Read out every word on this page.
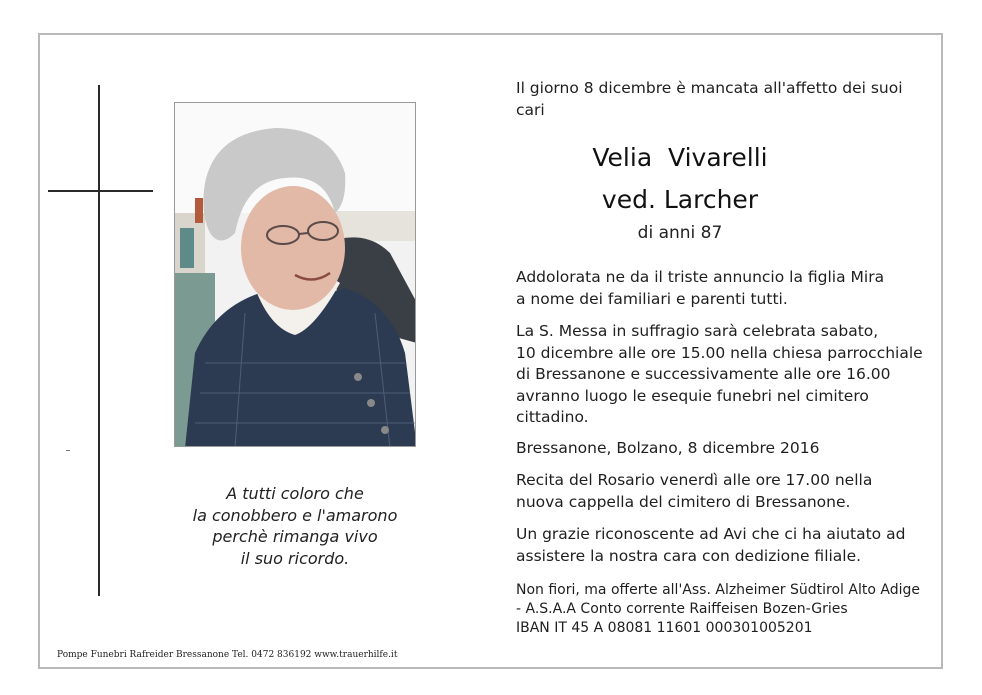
A tutti coloro che
la conobbero e l'amarono
perchè rimanga vivo
il suo ricordo.
Il giorno 8 dicembre è mancata all'affetto dei suoi
cari
Velia  Vivarelli
ved. Larcher
di anni 87
Addolorata ne da il triste annuncio la figlia Mira
a nome dei familiari e parenti tutti.
La S. Messa in suffragio sarà celebrata sabato,
10 dicembre alle ore 15.00 nella chiesa parrocchiale
di Bressanone e successivamente alle ore 16.00
avranno luogo le esequie funebri nel cimitero
cittadino.
Bressanone, Bolzano, 8 dicembre 2016
Recita del Rosario venerdì alle ore 17.00 nella
nuova cappella del cimitero di Bressanone.
Un grazie riconoscente ad Avi che ci ha aiutato ad
assistere la nostra cara con dedizione filiale.
Non fiori, ma offerte all'Ass. Alzheimer Südtirol Alto Adige
- A.S.A.A Conto corrente Raiffeisen Bozen-Gries
IBAN IT 45 A 08081 11601 000301005201
Pompe Funebri Rafreider Bressanone Tel. 0472 836192 www.trauerhilfe.it
